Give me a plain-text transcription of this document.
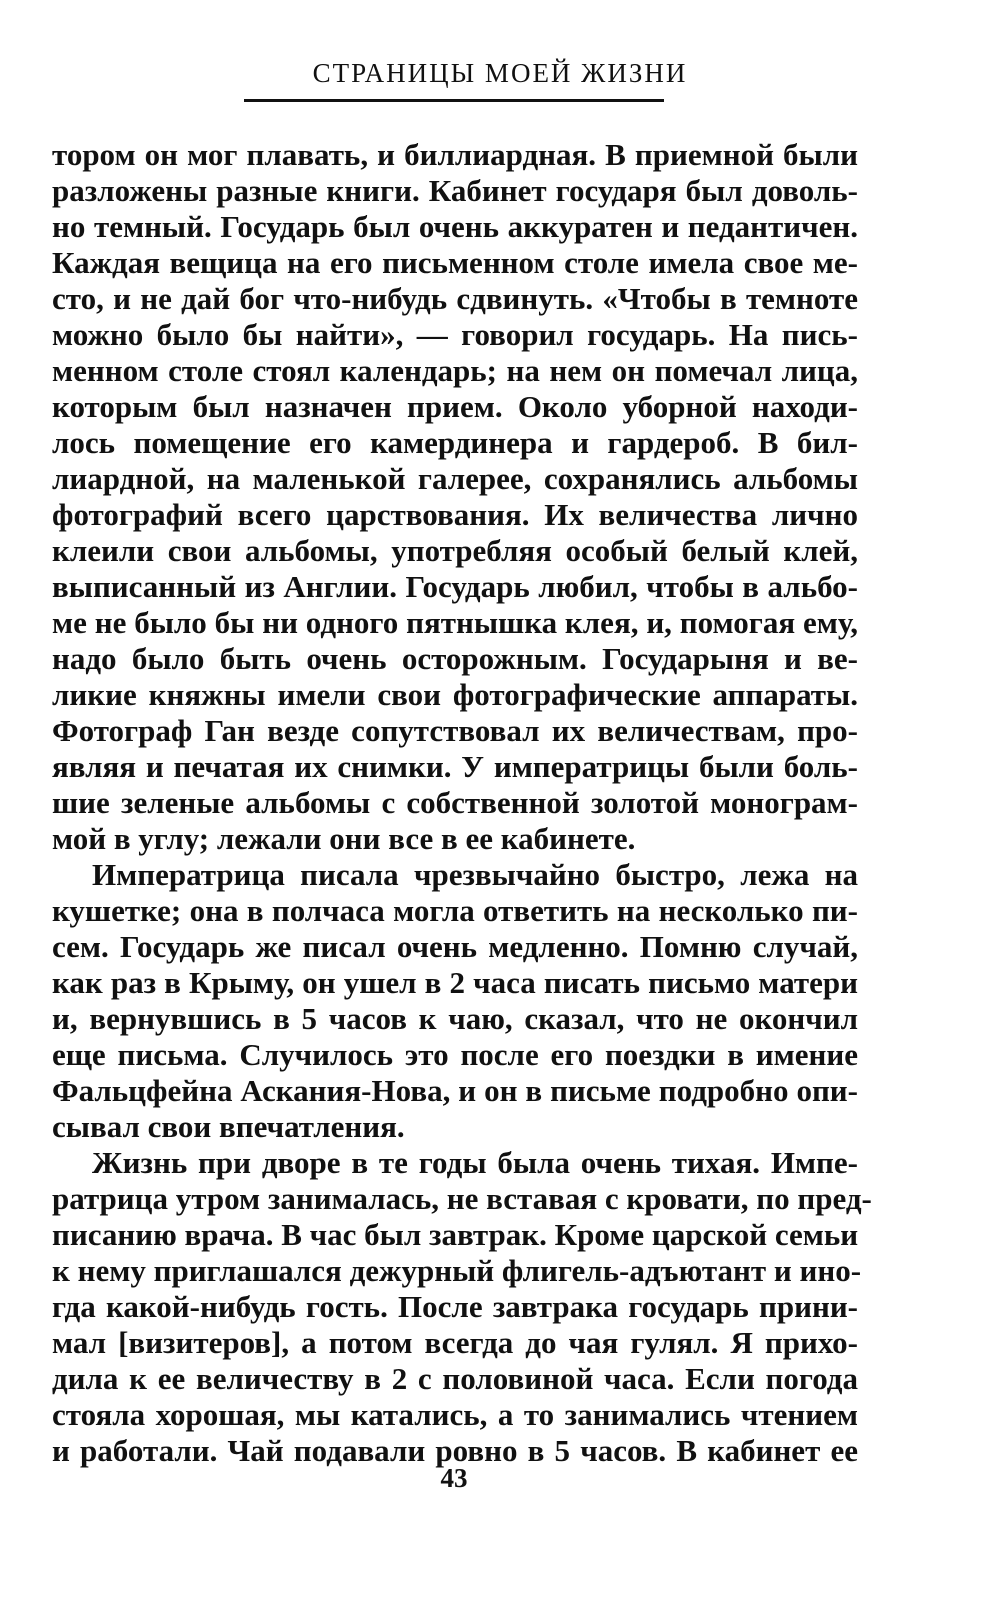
СТРАНИЦЫ МОЕЙ ЖИЗНИ
тором он мог плавать, и биллиардная. В приемной были
разложены разные книги. Кабинет государя был доволь-
но темный. Государь был очень аккуратен и педантичен.
Каждая вещица на его письменном столе имела свое ме-
сто, и не дай бог что-нибудь сдвинуть. «Чтобы в темноте
можно было бы найти», — говорил государь. На пись-
менном столе стоял календарь; на нем он помечал лица,
которым был назначен прием. Около уборной находи-
лось помещение его камердинера и гардероб. В бил-
лиардной, на маленькой галерее, сохранялись альбомы
фотографий всего царствования. Их величества лично
клеили свои альбомы, употребляя особый белый клей,
выписанный из Англии. Государь любил, чтобы в альбо-
ме не было бы ни одного пятнышка клея, и, помогая ему,
надо было быть очень осторожным. Государыня и ве-
ликие княжны имели свои фотографические аппараты.
Фотограф Ган везде сопутствовал их величествам, про-
являя и печатая их снимки. У императрицы были боль-
шие зеленые альбомы с собственной золотой монограм-
мой в углу; лежали они все в ее кабинете.
Императрица писала чрезвычайно быстро, лежа на
кушетке; она в полчаса могла ответить на несколько пи-
сем. Государь же писал очень медленно. Помню случай,
как раз в Крыму, он ушел в 2 часа писать письмо матери
и, вернувшись в 5 часов к чаю, сказал, что не окончил
еще письма. Случилось это после его поездки в имение
Фальцфейна Аскания-Нова, и он в письме подробно опи-
сывал свои впечатления.
Жизнь при дворе в те годы была очень тихая. Импе-
ратрица утром занималась, не вставая с кровати, по пред-
писанию врача. В час был завтрак. Кроме царской семьи
к нему приглашался дежурный флигель-адъютант и ино-
гда какой-нибудь гость. После завтрака государь прини-
мал [визитеров], а потом всегда до чая гулял. Я прихо-
дила к ее величеству в 2 с половиной часа. Если погода
стояла хорошая, мы катались, а то занимались чтением
и работали. Чай подавали ровно в 5 часов. В кабинет ее
43
